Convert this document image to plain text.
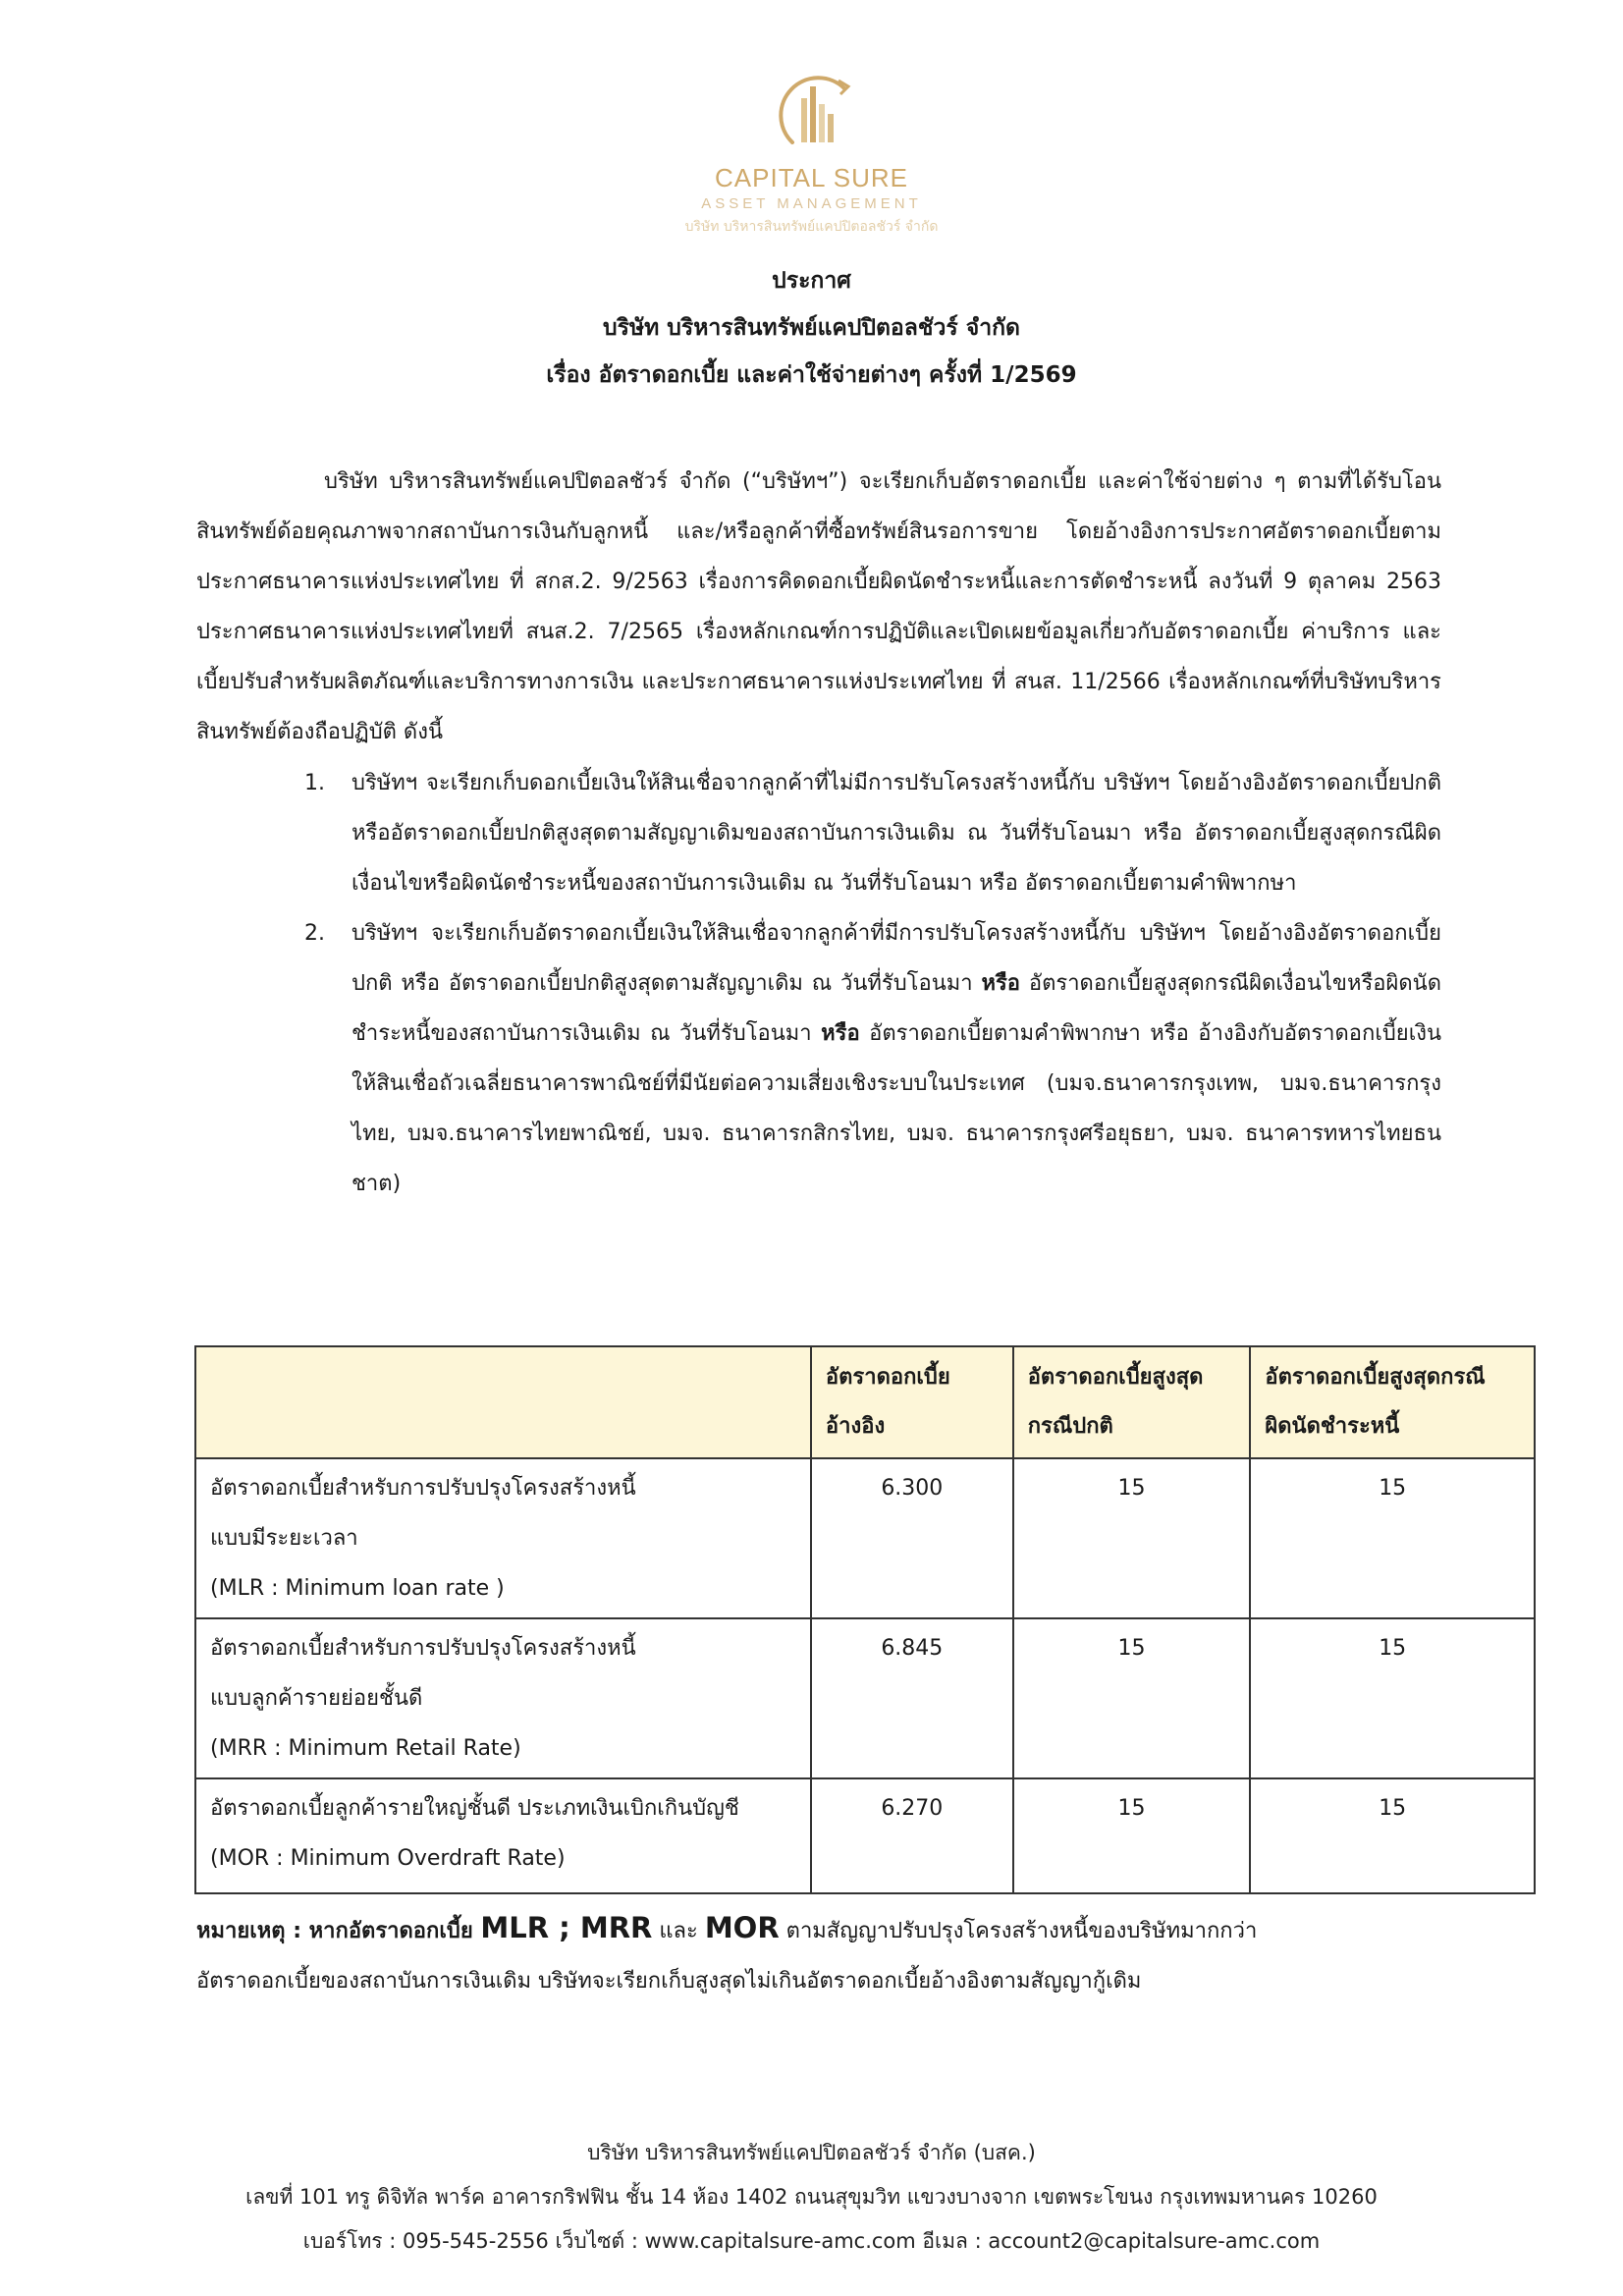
CAPITAL SURE
ASSET MANAGEMENT
บริษัท บริหารสินทรัพย์แคปปิตอลชัวร์ จำกัด
ประกาศ
บริษัท บริหารสินทรัพย์แคปปิตอลชัวร์ จำกัด
เรื่อง อัตราดอกเบี้ย และค่าใช้จ่ายต่างๆ ครั้งที่ 1/2569

บริษัท บริหารสินทรัพย์แคปปิตอลชัวร์ จำกัด (“บริษัทฯ”) จะเรียกเก็บอัตราดอกเบี้ย และค่าใช้จ่ายต่าง ๆ ตามที่ได้รับโอนสินทรัพย์ด้อยคุณภาพจากสถาบันการเงินกับลูกหนี้ และ/หรือลูกค้าที่ซื้อทรัพย์สินรอการขาย โดยอ้างอิงการประกาศอัตราดอกเบี้ยตามประกาศธนาคารแห่งประเทศไทย ที่ สกส.2. 9/2563 เรื่องการคิดดอกเบี้ยผิดนัดชำระหนี้และการตัดชำระหนี้ ลงวันที่ 9 ตุลาคม 2563 ประกาศธนาคารแห่งประเทศไทยที่ สนส.2. 7/2565 เรื่องหลักเกณฑ์การปฏิบัติและเปิดเผยข้อมูลเกี่ยวกับอัตราดอกเบี้ย ค่าบริการ และเบี้ยปรับสำหรับผลิตภัณฑ์และบริการทางการเงิน และประกาศธนาคารแห่งประเทศไทย ที่ สนส. 11/2566 เรื่องหลักเกณฑ์ที่บริษัทบริหารสินทรัพย์ต้องถือปฏิบัติ ดังนี้

1. บริษัทฯ จะเรียกเก็บดอกเบี้ยเงินให้สินเชื่อจากลูกค้าที่ไม่มีการปรับโครงสร้างหนี้กับ บริษัทฯ โดยอ้างอิงอัตราดอกเบี้ยปกติ หรืออัตราดอกเบี้ยปกติสูงสุดตามสัญญาเดิมของสถาบันการเงินเดิม ณ วันที่รับโอนมา หรือ อัตราดอกเบี้ยสูงสุดกรณีผิดเงื่อนไขหรือผิดนัดชำระหนี้ของสถาบันการเงินเดิม ณ วันที่รับโอนมา หรือ อัตราดอกเบี้ยตามคำพิพากษา
2. บริษัทฯ จะเรียกเก็บอัตราดอกเบี้ยเงินให้สินเชื่อจากลูกค้าที่มีการปรับโครงสร้างหนี้กับ บริษัทฯ โดยอ้างอิงอัตราดอกเบี้ยปกติ หรือ อัตราดอกเบี้ยปกติสูงสุดตามสัญญาเดิม ณ วันที่รับโอนมา หรือ อัตราดอกเบี้ยสูงสุดกรณีผิดเงื่อนไขหรือผิดนัดชำระหนี้ของสถาบันการเงินเดิม ณ วันที่รับโอนมา หรือ อัตราดอกเบี้ยตามคำพิพากษา หรือ อ้างอิงกับอัตราดอกเบี้ยเงินให้สินเชื่อถัวเฉลี่ยธนาคารพาณิชย์ที่มีนัยต่อความเสี่ยงเชิงระบบในประเทศ (บมจ.ธนาคารกรุงเทพ, บมจ.ธนาคารกรุงไทย, บมจ.ธนาคารไทยพาณิชย์, บมจ. ธนาคารกสิกรไทย, บมจ. ธนาคารกรุงศรีอยุธยา, บมจ. ธนาคารทหารไทยธนชาต)
	อัตราดอกเบี้ยอ้างอิง	อัตราดอกเบี้ยสูงสุดกรณีปกติ	อัตราดอกเบี้ยสูงสุดกรณีผิดนัดชำระหนี้

อัตราดอกเบี้ยสำหรับการปรับปรุงโครงสร้างหนี้
แบบมีระยะเวลา
(MLR : Minimum loan rate )	6.300	15	15

อัตราดอกเบี้ยสำหรับการปรับปรุงโครงสร้างหนี้
แบบลูกค้ารายย่อยชั้นดี
(MRR : Minimum Retail Rate)	6.845	15	15

อัตราดอกเบี้ยลูกค้ารายใหญ่ชั้นดี ประเภทเงินเบิกเกินบัญชี
(MOR : Minimum Overdraft Rate)	6.270	15	15
หมายเหตุ : หากอัตราดอกเบี้ย MLR ; MRR และ MOR ตามสัญญาปรับปรุงโครงสร้างหนี้ของบริษัทมากกว่า
อัตราดอกเบี้ยของสถาบันการเงินเดิม บริษัทจะเรียกเก็บสูงสุดไม่เกินอัตราดอกเบี้ยอ้างอิงตามสัญญากู้เดิม
บริษัท บริหารสินทรัพย์แคปปิตอลชัวร์ จำกัด (บสค.)
เลขที่ 101 ทรู ดิจิทัล พาร์ค อาคารกริฟฟิน ชั้น 14 ห้อง 1402 ถนนสุขุมวิท แขวงบางจาก เขตพระโขนง กรุงเทพมหานคร 10260
เบอร์โทร : 095-545-2556 เว็บไซต์ : www.capitalsure-amc.com อีเมล : account2@capitalsure-amc.com
